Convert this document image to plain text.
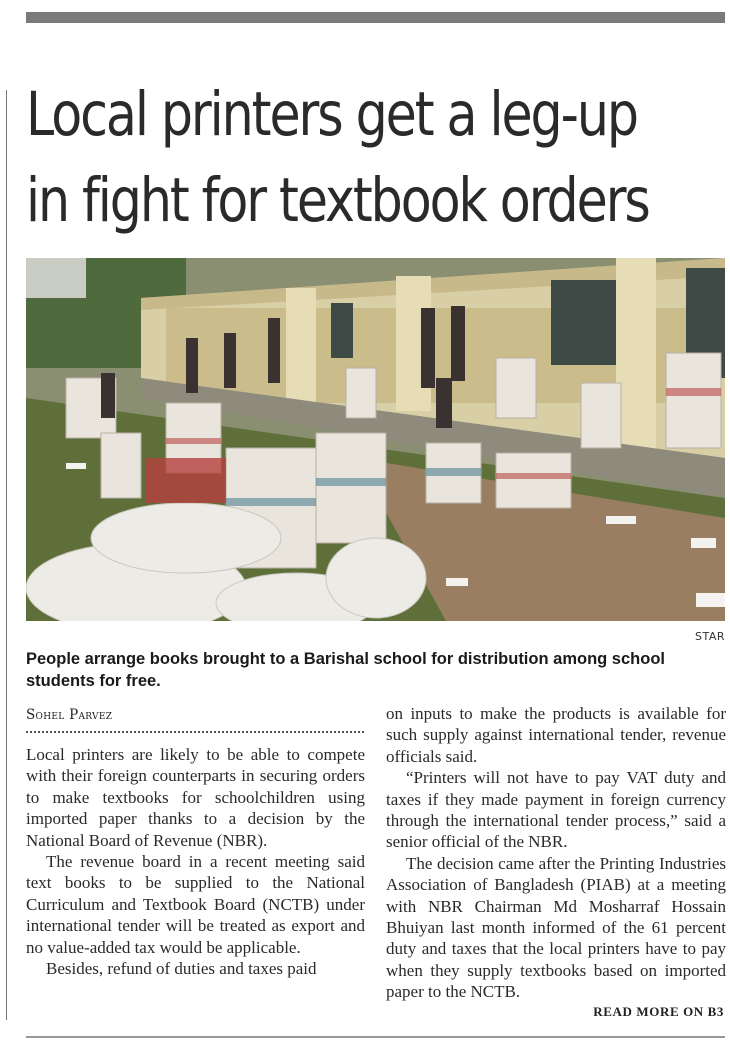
Local printers get a leg-up
in fight for textbook orders
STAR

People arrange books brought to a Barishal school for distribution among school students for free.

Sohel Parvez

Local printers are likely to be able to compete with their foreign counterparts in securing orders to make textbooks for schoolchildren using imported paper thanks to a decision by the National Board of Revenue (NBR).

The revenue board in a recent meeting said text books to be supplied to the National Curriculum and Textbook Board (NCTB) under international tender will be treated as export and no value-added tax would be applicable.

Besides, refund of duties and taxes paid

on inputs to make the products is available for such supply against international tender, revenue officials said.

“Printers will not have to pay VAT duty and taxes if they made payment in foreign currency through the international tender process,” said a senior official of the NBR.

The decision came after the Printing Industries Association of Bangladesh (PIAB) at a meeting with NBR Chairman Md Mosharraf Hossain Bhuiyan last month informed of the 61 percent duty and taxes that the local printers have to pay when they supply textbooks based on imported paper to the NCTB.

READ MORE ON B3
